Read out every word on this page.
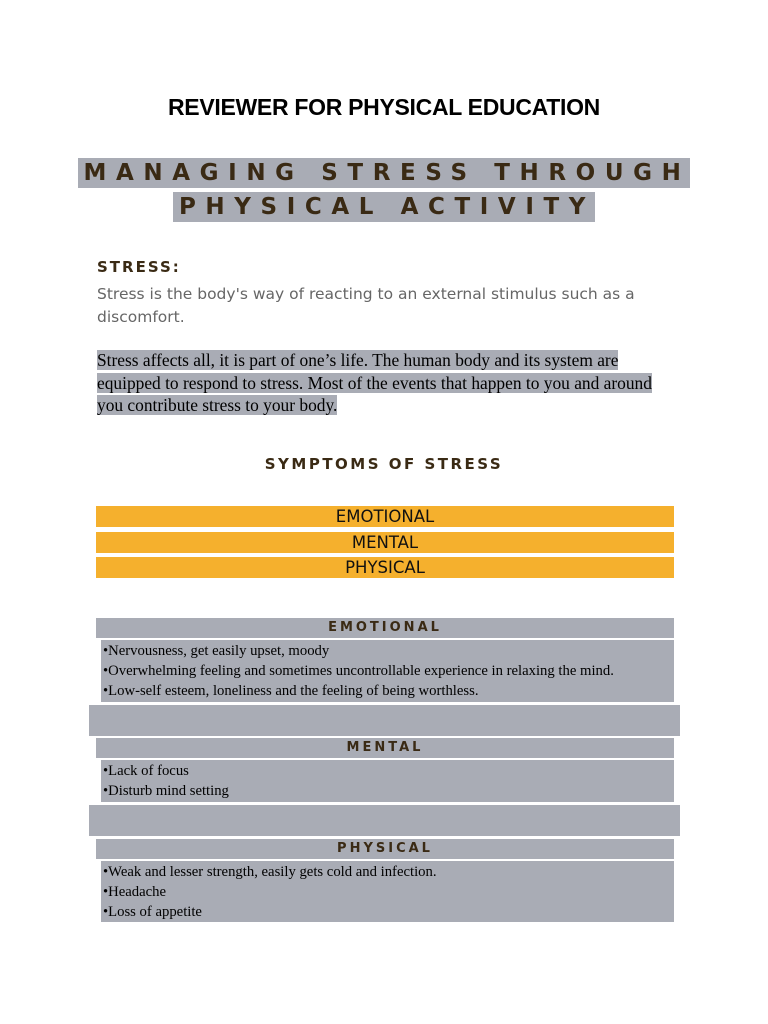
REVIEWER FOR PHYSICAL EDUCATION
MANAGING STRESS THROUGH
PHYSICAL ACTIVITY
STRESS:
Stress is the body's way of reacting to an external stimulus such as a discomfort.
Stress affects all, it is part of one’s life. The human body and its system are equipped to respond to stress. Most of the events that happen to you and around you contribute stress to your body.
SYMPTOMS OF STRESS
EMOTIONAL
MENTAL
PHYSICAL
EMOTIONAL
•Nervousness, get easily upset, moody
•Overwhelming feeling and sometimes uncontrollable experience in relaxing the mind.
•Low-self esteem, loneliness and the feeling of being worthless.
MENTAL
•Lack of focus
•Disturb mind setting
PHYSICAL
•Weak and lesser strength, easily gets cold and infection.
•Headache
•Loss of appetite
